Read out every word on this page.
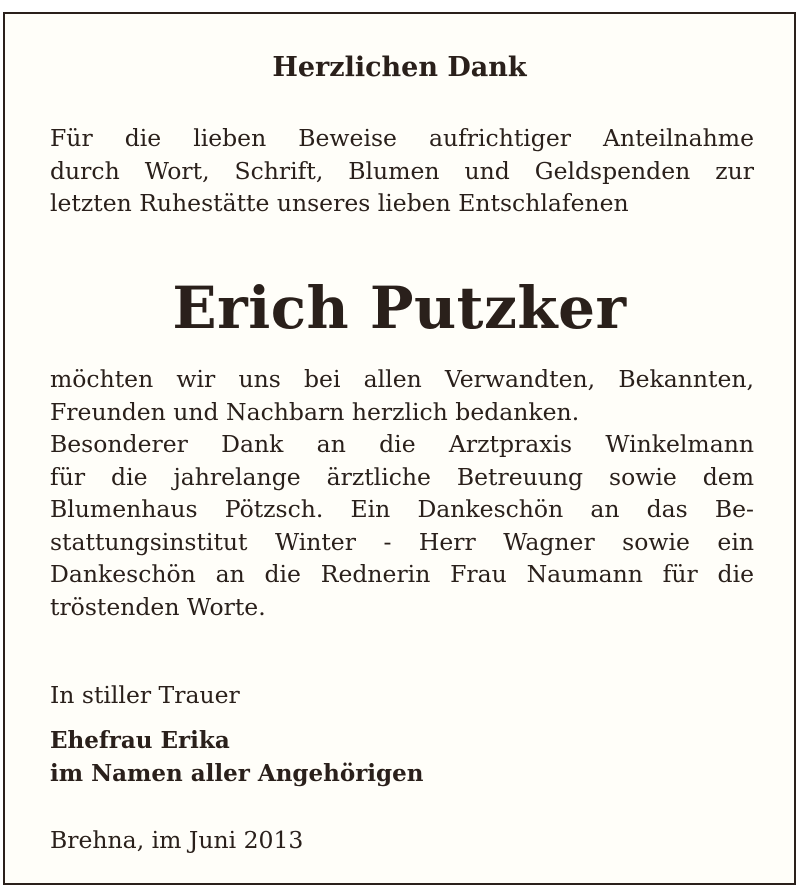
Herzlichen Dank

Für die lieben Beweise aufrichtiger Anteilnahme
durch Wort, Schrift, Blumen und Geldspenden zur
letzten Ruhestätte unseres lieben Entschlafenen

Erich Putzker

möchten wir uns bei allen Verwandten, Bekannten,
Freunden und Nachbarn herzlich bedanken.
Besonderer Dank an die Arztpraxis Winkelmann
für die jahrelange ärztliche Betreuung sowie dem
Blumenhaus Pötzsch. Ein Dankeschön an das Be-
stattungsinstitut Winter - Herr Wagner sowie ein
Dankeschön an die Rednerin Frau Naumann für die
tröstenden Worte.

In stiller Trauer

Ehefrau Erika
im Namen aller Angehörigen

Brehna, im Juni 2013
